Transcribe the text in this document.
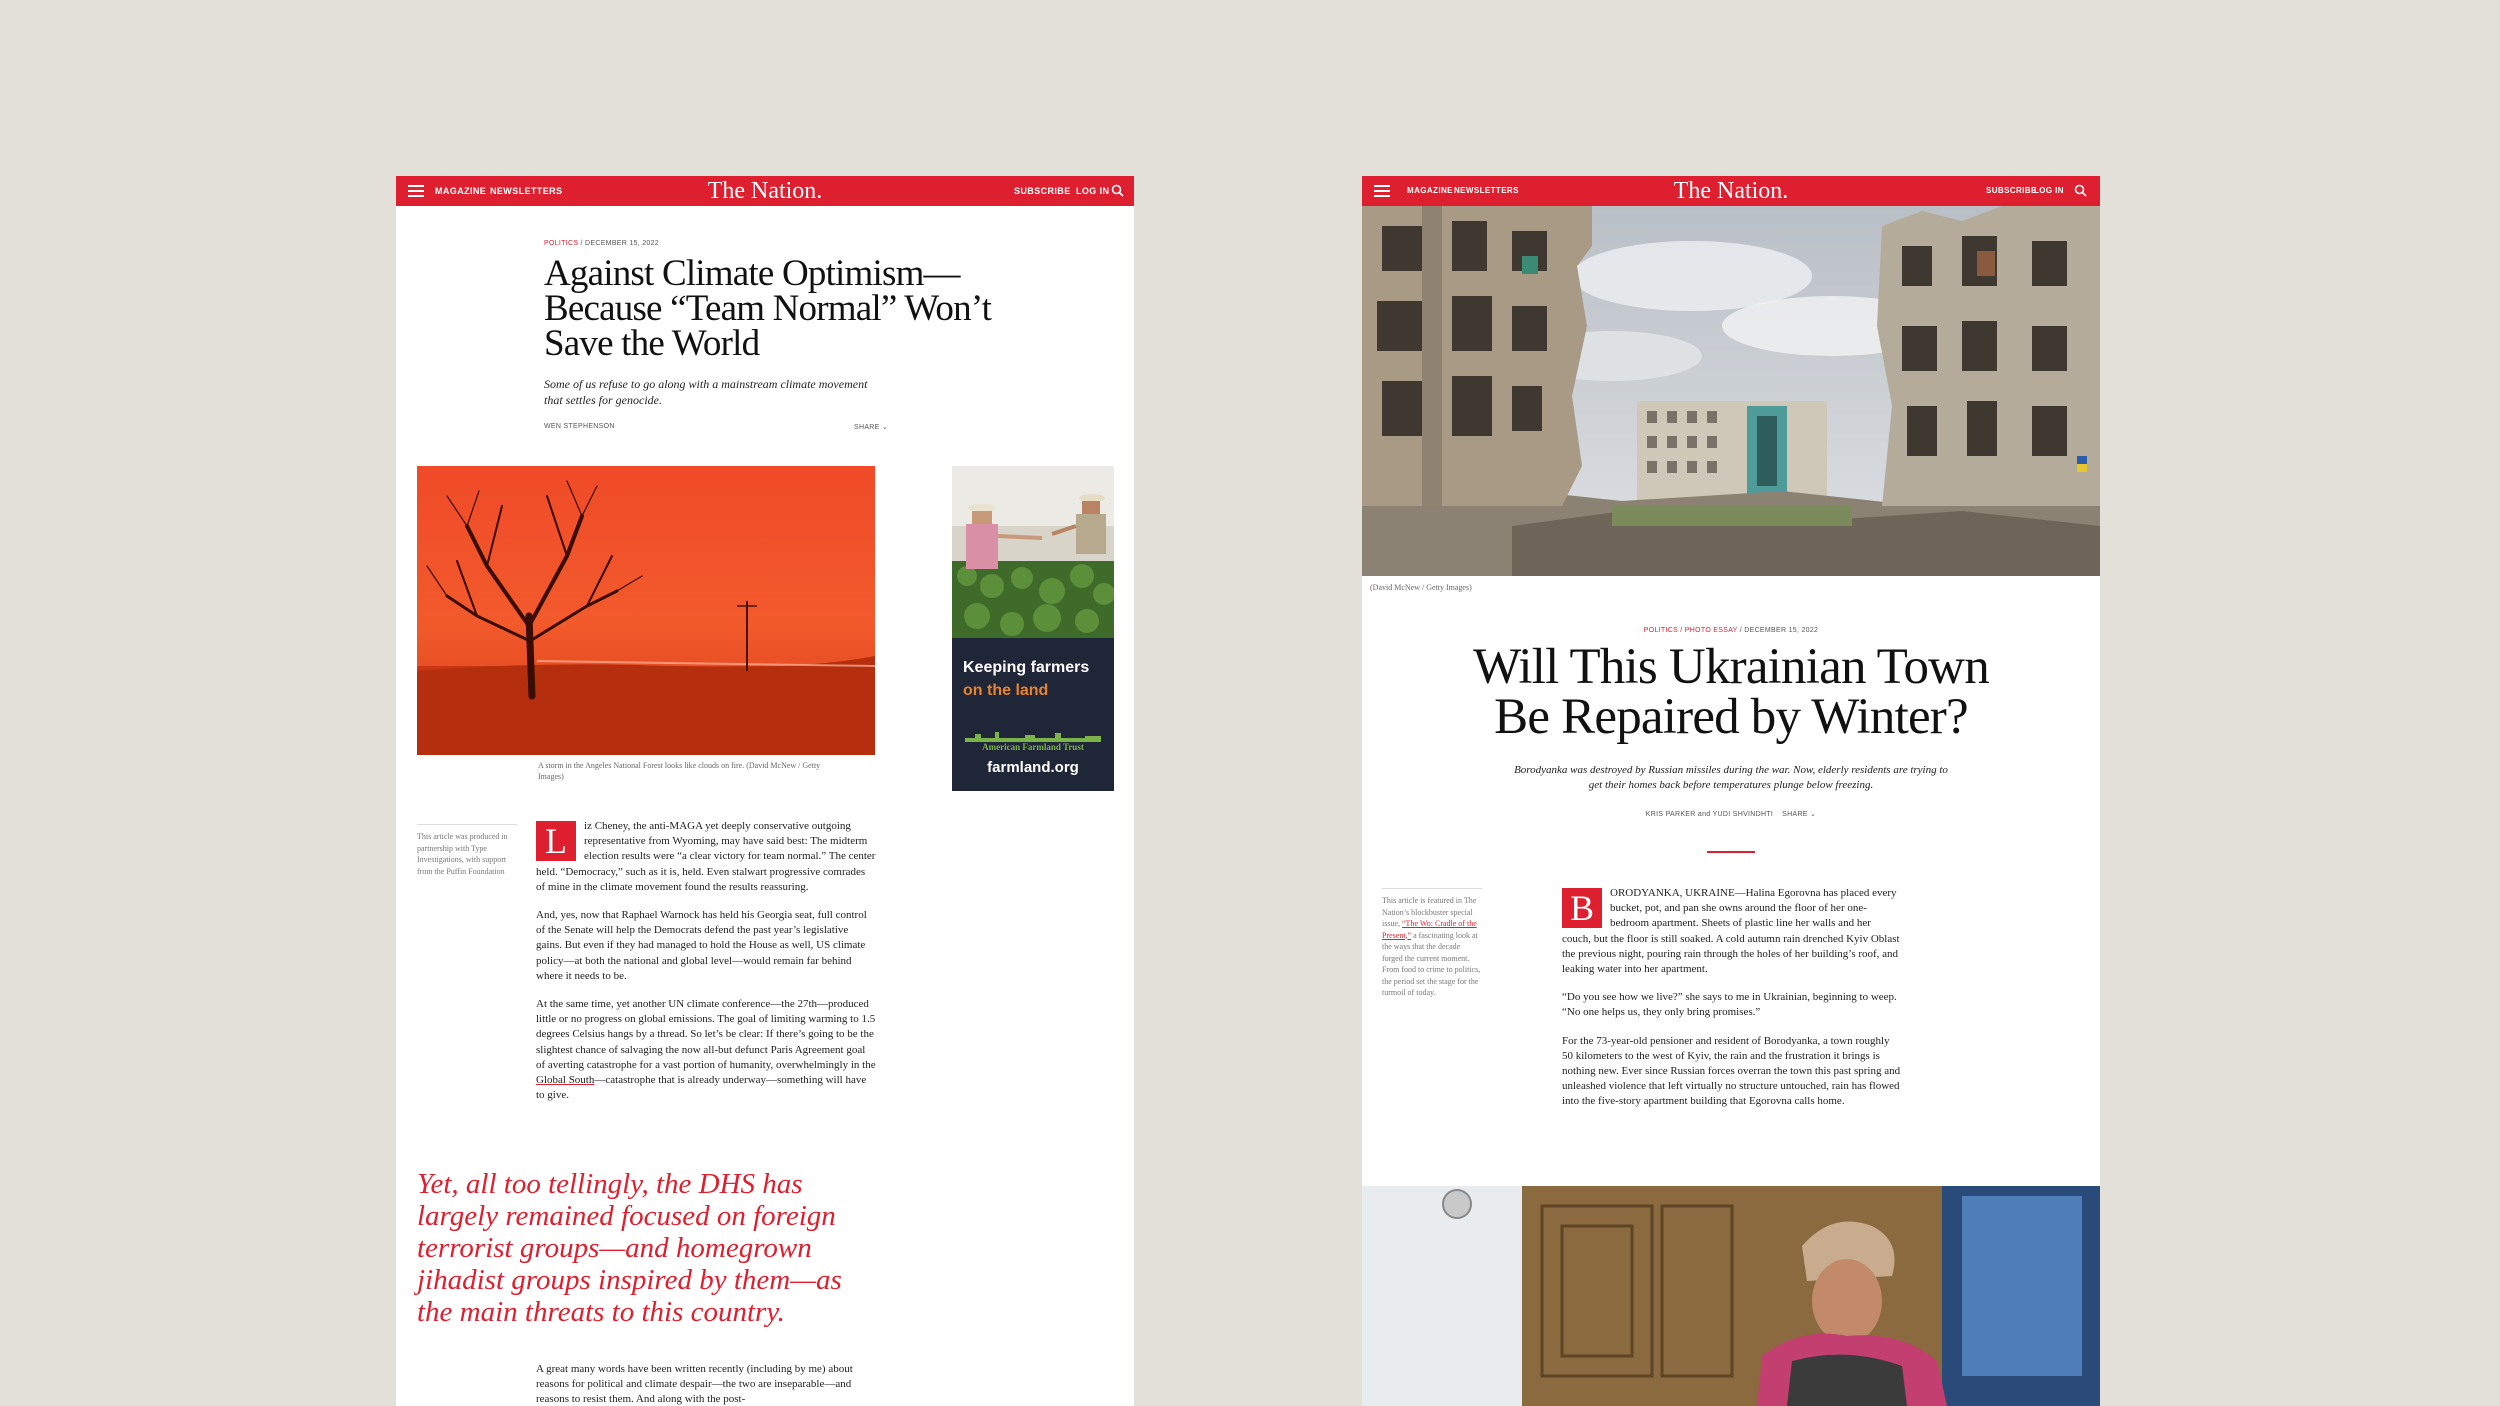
MAGAZINE NEWSLETTERS	The Nation.	SUBSCRIBE LOG IN
POLITICS / DECEMBER 15, 2022
Against Climate Optimism—
Because “Team Normal” Won’t
Save the World
Some of us refuse to go along with a mainstream climate movement
that settles for genocide.
WEN STEPHENSON	SHARE ⌄
A storm in the Angeles National Forest looks like clouds on fire. (David McNew / Getty
Images)
Keeping farmers
on the land
American Farmland Trust
farmland.org
This article was produced in partnership with Type Investigations, with support from the Puffin Foundation

L	iz Cheney, the anti-MAGA yet deeply conservative outgoing representative from Wyoming, may have said best: The midterm election results were “a clear victory for team normal.” The center held. “Democracy,” such as it is, held. Even stalwart progressive comrades of mine in the climate movement found the results reassuring.

And, yes, now that Raphael Warnock has held his Georgia seat, full control of the Senate will help the Democrats defend the past year’s legislative gains. But even if they had managed to hold the House as well, US climate policy—at both the national and global level—would remain far behind where it needs to be.

At the same time, yet another UN climate conference—the 27th—produced little or no progress on global emissions. The goal of limiting warming to 1.5 degrees Celsius hangs by a thread. So let’s be clear: If there’s going to be the slightest chance of salvaging the now all-but defunct Paris Agreement goal of averting catastrophe for a vast portion of humanity, overwhelmingly in the Global South—catastrophe that is already underway—something will have to give.

Yet, all too tellingly, the DHS has largely remained focused on foreign terrorist groups—and homegrown jihadist groups inspired by them—as the main threats to this country.
A great many words have been written recently (including by me) about reasons for political and climate despair—the two are inseparable—and reasons to resist them. And along with the post-
MAGAZINE NEWSLETTERS	The Nation.	SUBSCRIBE
LOG IN
(David McNew / Getty Images)
POLITICS / PHOTO ESSAY / DECEMBER 15, 2022
Will This Ukrainian Town
Be Repaired by Winter?
Borodyanka was destroyed by Russian missiles during the war. Now, elderly residents are trying to
get their homes back before temperatures plunge below freezing.
KRIS PARKER and YUDI SHVINDHTI SHARE ⌄
This article is featured in The Nation’s blockbuster special issue, “The Wo: Cradle of the Present,” a fascinating look at the ways that the decade forged the current moment. From food to crime to politics, the period set the stage for the turmoil of today.

B	ORODYANKA, UKRAINE—Halina Egorovna has placed every bucket, pot, and pan she owns around the floor of her one-bedroom apartment. Sheets of plastic line her walls and her couch, but the floor is still soaked. A cold autumn rain drenched Kyiv Oblast the previous night, pouring rain through the holes of her building’s roof, and leaking water into her apartment.

“Do you see how we live?” she says to me in Ukrainian, beginning to weep. “No one helps us, they only bring promises.”

For the 73-year-old pensioner and resident of Borodyanka, a town roughly 50 kilometers to the west of Kyiv, the rain and the frustration it brings is nothing new. Ever since Russian forces overran the town this past spring and unleashed violence that left virtually no structure untouched, rain has flowed into the five-story apartment building that Egorovna calls home.
